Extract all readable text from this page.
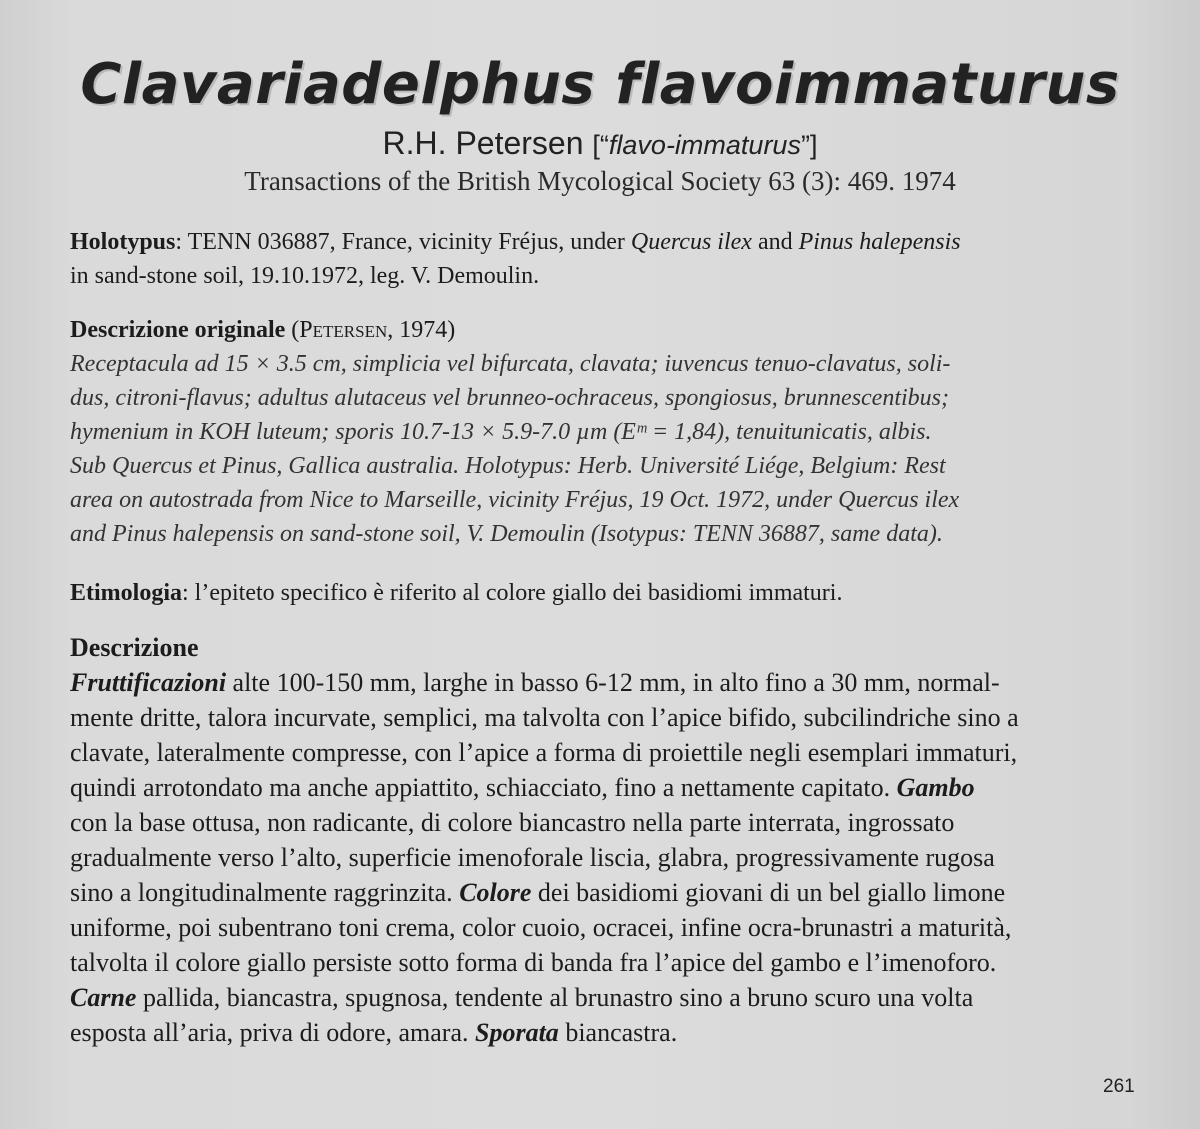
Clavariadelphus flavoimmaturus
R.H. Petersen [“flavo-immaturus”]
Transactions of the British Mycological Society 63 (3): 469. 1974
Holotypus: TENN 036887, France, vicinity Fréjus, under Quercus ilex and Pinus halepensis
in sand-stone soil, 19.10.1972, leg. V. Demoulin.
Descrizione originale (Petersen, 1974)
Receptacula ad 15 × 3.5 cm, simplicia vel bifurcata, clavata; iuvencus tenuo-clavatus, soli-
dus, citroni-flavus; adultus alutaceus vel brunneo-ochraceus, spongiosus, brunnescentibus;
hymenium in KOH luteum; sporis 10.7-13 × 5.9-7.0 µm (Eᵐ = 1,84), tenuitunicatis, albis.
Sub Quercus et Pinus, Gallica australia. Holotypus: Herb. Université Liége, Belgium: Rest
area on autostrada from Nice to Marseille, vicinity Fréjus, 19 Oct. 1972, under Quercus ilex
and Pinus halepensis on sand-stone soil, V. Demoulin (Isotypus: TENN 36887, same data).
Etimologia: l’epiteto specifico è riferito al colore giallo dei basidiomi immaturi.
Descrizione
Fruttificazioni alte 100-150 mm, larghe in basso 6-12 mm, in alto fino a 30 mm, normal-
mente dritte, talora incurvate, semplici, ma talvolta con l’apice bifido, subcilindriche sino a
clavate, lateralmente compresse, con l’apice a forma di proiettile negli esemplari immaturi,
quindi arrotondato ma anche appiattito, schiacciato, fino a nettamente capitato. Gambo
con la base ottusa, non radicante, di colore biancastro nella parte interrata, ingrossato
gradualmente verso l’alto, superficie imenoforale liscia, glabra, progressivamente rugosa
sino a longitudinalmente raggrinzita. Colore dei basidiomi giovani di un bel giallo limone
uniforme, poi subentrano toni crema, color cuoio, ocracei, infine ocra-brunastri a maturità,
talvolta il colore giallo persiste sotto forma di banda fra l’apice del gambo e l’imenoforo.
Carne pallida, biancastra, spugnosa, tendente al brunastro sino a bruno scuro una volta
esposta all’aria, priva di odore, amara. Sporata biancastra.
261
